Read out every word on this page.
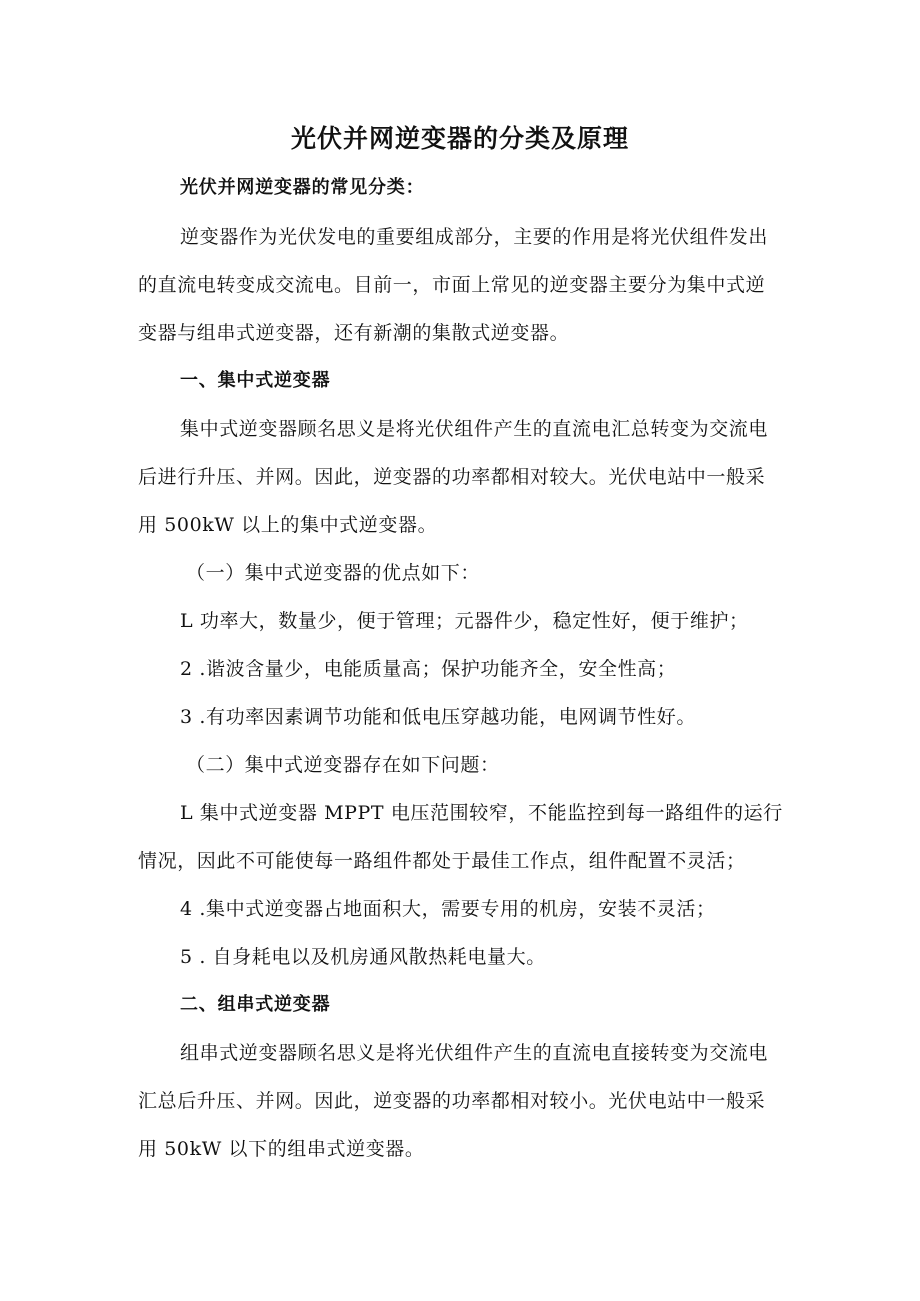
光伏并网逆变器的分类及原理

光伏并网逆变器的常见分类：

逆变器作为光伏发电的重要组成部分，主要的作用是将光伏组件发出

的直流电转变成交流电。目前一，市面上常见的逆变器主要分为集中式逆

变器与组串式逆变器，还有新潮的集散式逆变器。

一、集中式逆变器

集中式逆变器顾名思义是将光伏组件产生的直流电汇总转变为交流电

后进行升压、并网。因此，逆变器的功率都相对较大。光伏电站中一般采

用 500kW 以上的集中式逆变器。

（一）集中式逆变器的优点如下：

L 功率大，数量少，便于管理；元器件少，稳定性好，便于维护；

2 .谐波含量少，电能质量高；保护功能齐全，安全性高；

3 .有功率因素调节功能和低电压穿越功能，电网调节性好。

（二）集中式逆变器存在如下问题：

L 集中式逆变器 MPPT 电压范围较窄，不能监控到每一路组件的运行

情况，因此不可能使每一路组件都处于最佳工作点，组件配置不灵活；

4 .集中式逆变器占地面积大，需要专用的机房，安装不灵活；

5 . 自身耗电以及机房通风散热耗电量大。

二、组串式逆变器

组串式逆变器顾名思义是将光伏组件产生的直流电直接转变为交流电

汇总后升压、并网。因此，逆变器的功率都相对较小。光伏电站中一般采

用 50kW 以下的组串式逆变器。
